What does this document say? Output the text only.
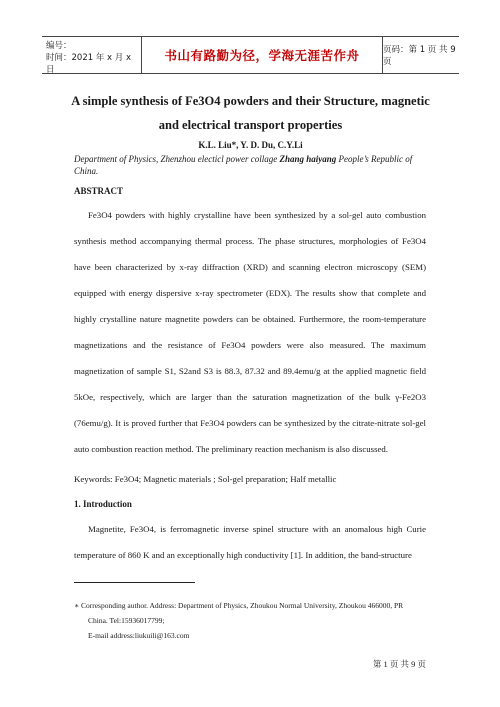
编号：
时间：2021 年 x 月 x 日
书山有路勤为径，学海无涯苦作舟	页码：第 1 页 共 9 页
A simple synthesis of Fe3O4 powders and their Structure, magnetic
and electrical transport properties
K.L. Liu*, Y. D. Du, C.Y.Li
Department of Physics, Zhenzhou electicl power collage Zhang haiyang People’s Republic of China.
ABSTRACT
Fe3O4 powders with highly crystalline have been synthesized by a sol-gel auto combustion synthesis method accompanying thermal process. The phase structures, morphologies of Fe3O4 have been characterized by x-ray diffraction (XRD) and scanning electron microscopy (SEM) equipped with energy dispersive x-ray spectrometer (EDX). The results show that complete and highly crystalline nature magnetite powders can be obtained. Furthermore, the room-temperature magnetizations and the resistance of Fe3O4 powders were also measured. The maximum magnetization of sample S1, S2and S3 is 88.3, 87.32 and 89.4emu/g at the applied magnetic field 5kOe, respectively, which are larger than the saturation magnetization of the bulk γ-Fe2O3 (76emu/g). It is proved further that Fe3O4 powders can be synthesized by the citrate-nitrate sol-gel auto combustion reaction method. The preliminary reaction mechanism is also discussed.
Keywords: Fe3O4; Magnetic materials ; Sol-gel preparation; Half metallic
1. Introduction
Magnetite, Fe3O4, is ferromagnetic inverse spinel structure with an anomalous high Curie temperature of 860 K and an exceptionally high conductivity [1]. In addition, the band-structure
∗ Corresponding author. Address: Department of Physics, Zhoukou Normal University, Zhoukou 466000, PR
China. Tel:15936017799;
E-mail address:liukuili@163.com
第 1 页 共 9 页
